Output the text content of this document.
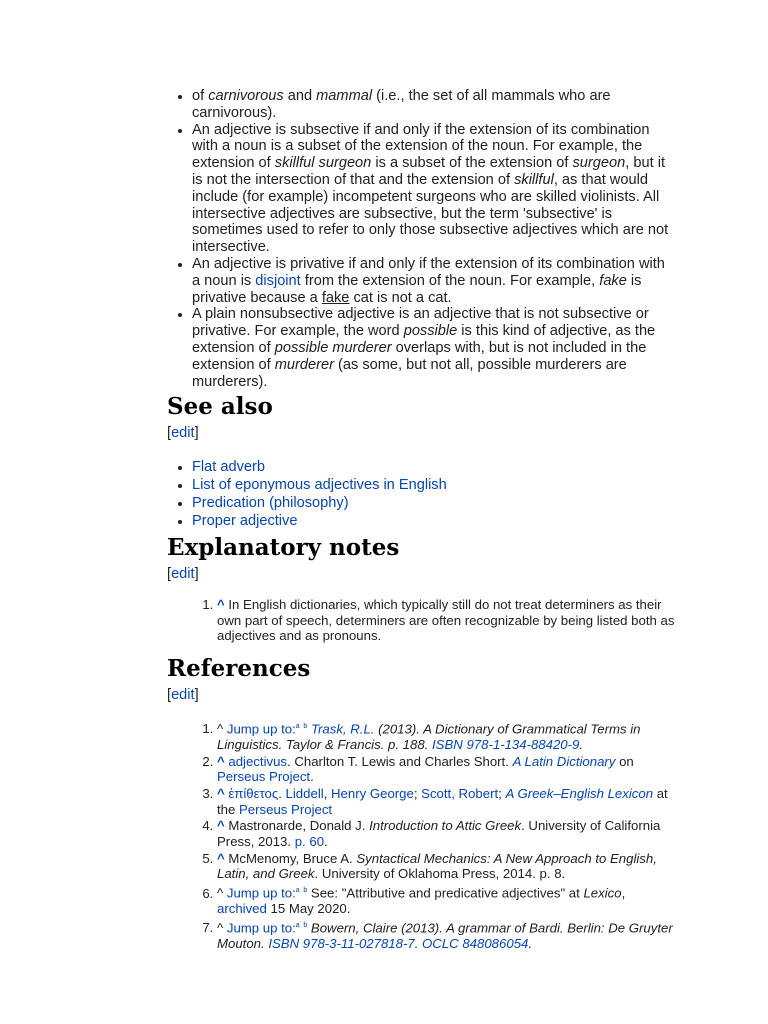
• of carnivorous and mammal (i.e., the set of all mammals who are carnivorous).
• An adjective is subsective if and only if the extension of its combination with a noun is a subset of the extension of the noun. For example, the extension of skillful surgeon is a subset of the extension of surgeon, but it is not the intersection of that and the extension of skillful, as that would include (for example) incompetent surgeons who are skilled violinists. All intersective adjectives are subsective, but the term 'subsective' is sometimes used to refer to only those subsective adjectives which are not intersective.
• An adjective is privative if and only if the extension of its combination with a noun is disjoint from the extension of the noun. For example, fake is privative because a fake cat is not a cat.
• A plain nonsubsective adjective is an adjective that is not subsective or privative. For example, the word possible is this kind of adjective, as the extension of possible murderer overlaps with, but is not included in the extension of murderer (as some, but not all, possible murderers are murderers).
See also
[edit]
• Flat adverb
• List of eponymous adjectives in English
• Predication (philosophy)
• Proper adjective
Explanatory notes
[edit]
1. ^ In English dictionaries, which typically still do not treat determiners as their own part of speech, determiners are often recognizable by being listed both as adjectives and as pronouns.
References
[edit]
1. ^ Jump up to:$^a$ $^b$ Trask, R.L. (2013). A Dictionary of Grammatical Terms in Linguistics. Taylor & Francis. p. 188. ISBN 978-1-134-88420-9.
2. ^ adjectivus. Charlton T. Lewis and Charles Short. A Latin Dictionary on Perseus Project.
3. ^ ἐπίθετος. Liddell, Henry George; Scott, Robert; A Greek–English Lexicon at the Perseus Project
4. ^ Mastronarde, Donald J. Introduction to Attic Greek. University of California Press, 2013. p. 60.
5. ^ McMenomy, Bruce A. Syntactical Mechanics: A New Approach to English, Latin, and Greek. University of Oklahoma Press, 2014. p. 8.
6. ^ Jump up to:$^a$ $^b$ See: "Attributive and predicative adjectives" at Lexico, archived 15 May 2020.
7. ^ Jump up to:$^a$ $^b$ Bowern, Claire (2013). A grammar of Bardi. Berlin: De Gruyter Mouton. ISBN 978-3-11-027818-7. OCLC 848086054.
